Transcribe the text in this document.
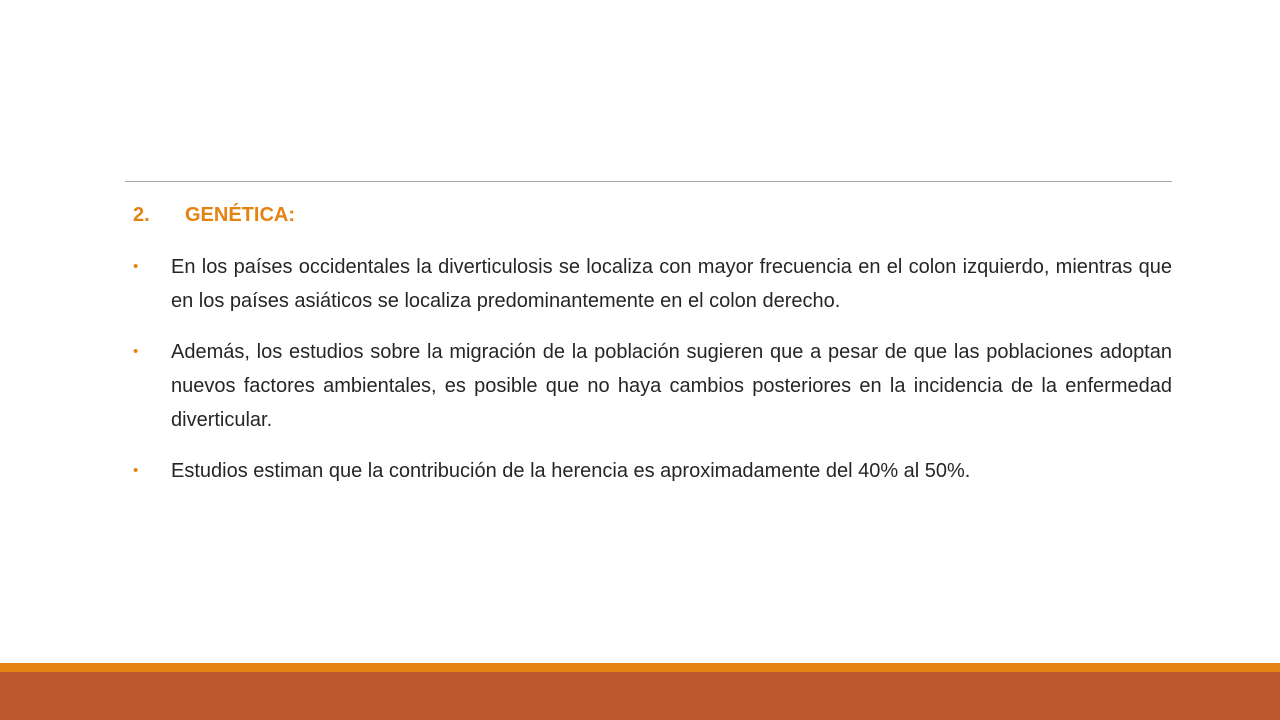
2.	GENÉTICA:
• En los países occidentales la diverticulosis se localiza con mayor frecuencia en el colon izquierdo, mientras que en los países asiáticos se localiza predominantemente en el colon derecho.
• Además, los estudios sobre la migración de la población sugieren que a pesar de que las poblaciones adoptan nuevos factores ambientales, es posible que no haya cambios posteriores en la incidencia de la enfermedad diverticular.
• Estudios estiman que la contribución de la herencia es aproximadamente del 40% al 50%.
